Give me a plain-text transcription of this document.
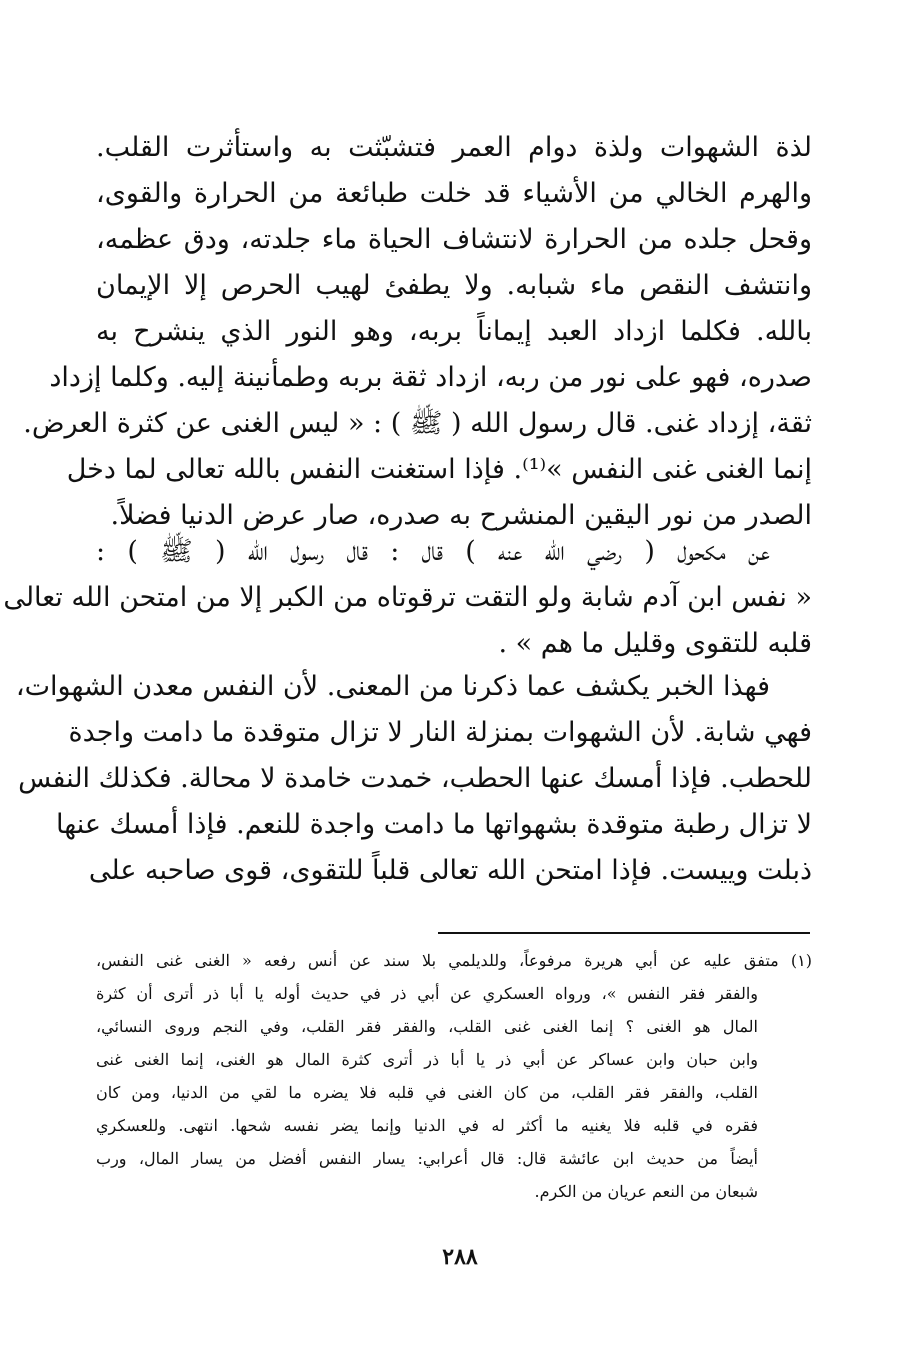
لذة الشهوات ولذة دوام العمر فتشبّثت به واستأثرت القلب.
والهرم الخالي من الأشياء قد خلت طبائعة من الحرارة والقوى،
وقحل جلده من الحرارة لانتشاف الحياة ماء جلدته، ودق عظمه،
وانتشف النقص ماء شبابه. ولا يطفئ لهيب الحرص إلا الإيمان
بالله. فكلما ازداد العبد إيماناً بربه، وهو النور الذي ينشرح به
صدره، فهو على نور من ربه، ازداد ثقة بربه وطمأنينة إليه. وكلما إزداد
ثقة، إزداد غنى. قال رسول الله ( ﷺ ) : « ليس الغنى عن كثرة العرض.
إنما الغنى غنى النفس »⁽¹⁾. فإذا استغنت النفس بالله تعالى لما دخل
الصدر من نور اليقين المنشرح به صدره، صار عرض الدنيا فضلاً.
عن مكحول ( رضي الله عنه ) قال : قال رسول الله ( ﷺ ) :
« نفس ابن آدم شابة ولو التقت ترقوتاه من الكبر إلا من امتحن الله تعالى
قلبه للتقوى وقليل ما هم » .
فهذا الخبر يكشف عما ذكرنا من المعنى. لأن النفس معدن الشهوات،
فهي شابة. لأن الشهوات بمنزلة النار لا تزال متوقدة ما دامت واجدة
للحطب. فإذا أمسك عنها الحطب، خمدت خامدة لا محالة. فكذلك النفس
لا تزال رطبة متوقدة بشهواتها ما دامت واجدة للنعم. فإذا أمسك عنها
ذبلت وييست. فإذا امتحن الله تعالى قلباً للتقوى، قوى صاحبه على
(١) متفق عليه عن أبي هريرة مرفوعاً، وللديلمي بلا سند عن أنس رفعه « الغنى غنى النفس،
والفقر فقر النفس »، ورواه العسكري عن أبي ذر في حديث أوله يا أبا ذر أترى أن كثرة
المال هو الغنى ؟ إنما الغنى غنى القلب، والفقر فقر القلب، وفي النجم وروى النسائي،
وابن حبان وابن عساكر عن أبي ذر يا أبا ذر أترى كثرة المال هو الغنى، إنما الغنى غنى
القلب، والفقر فقر القلب، من كان الغنى في قلبه فلا يضره ما لقي من الدنيا، ومن كان
فقره في قلبه فلا يغنيه ما أكثر له في الدنيا وإنما يضر نفسه شحها. انتهى. وللعسكري
أيضاً من حديث ابن عائشة قال: قال أعرابي: يسار النفس أفضل من يسار المال، ورب
شبعان من النعم عريان من الكرم.
٢٨٨
